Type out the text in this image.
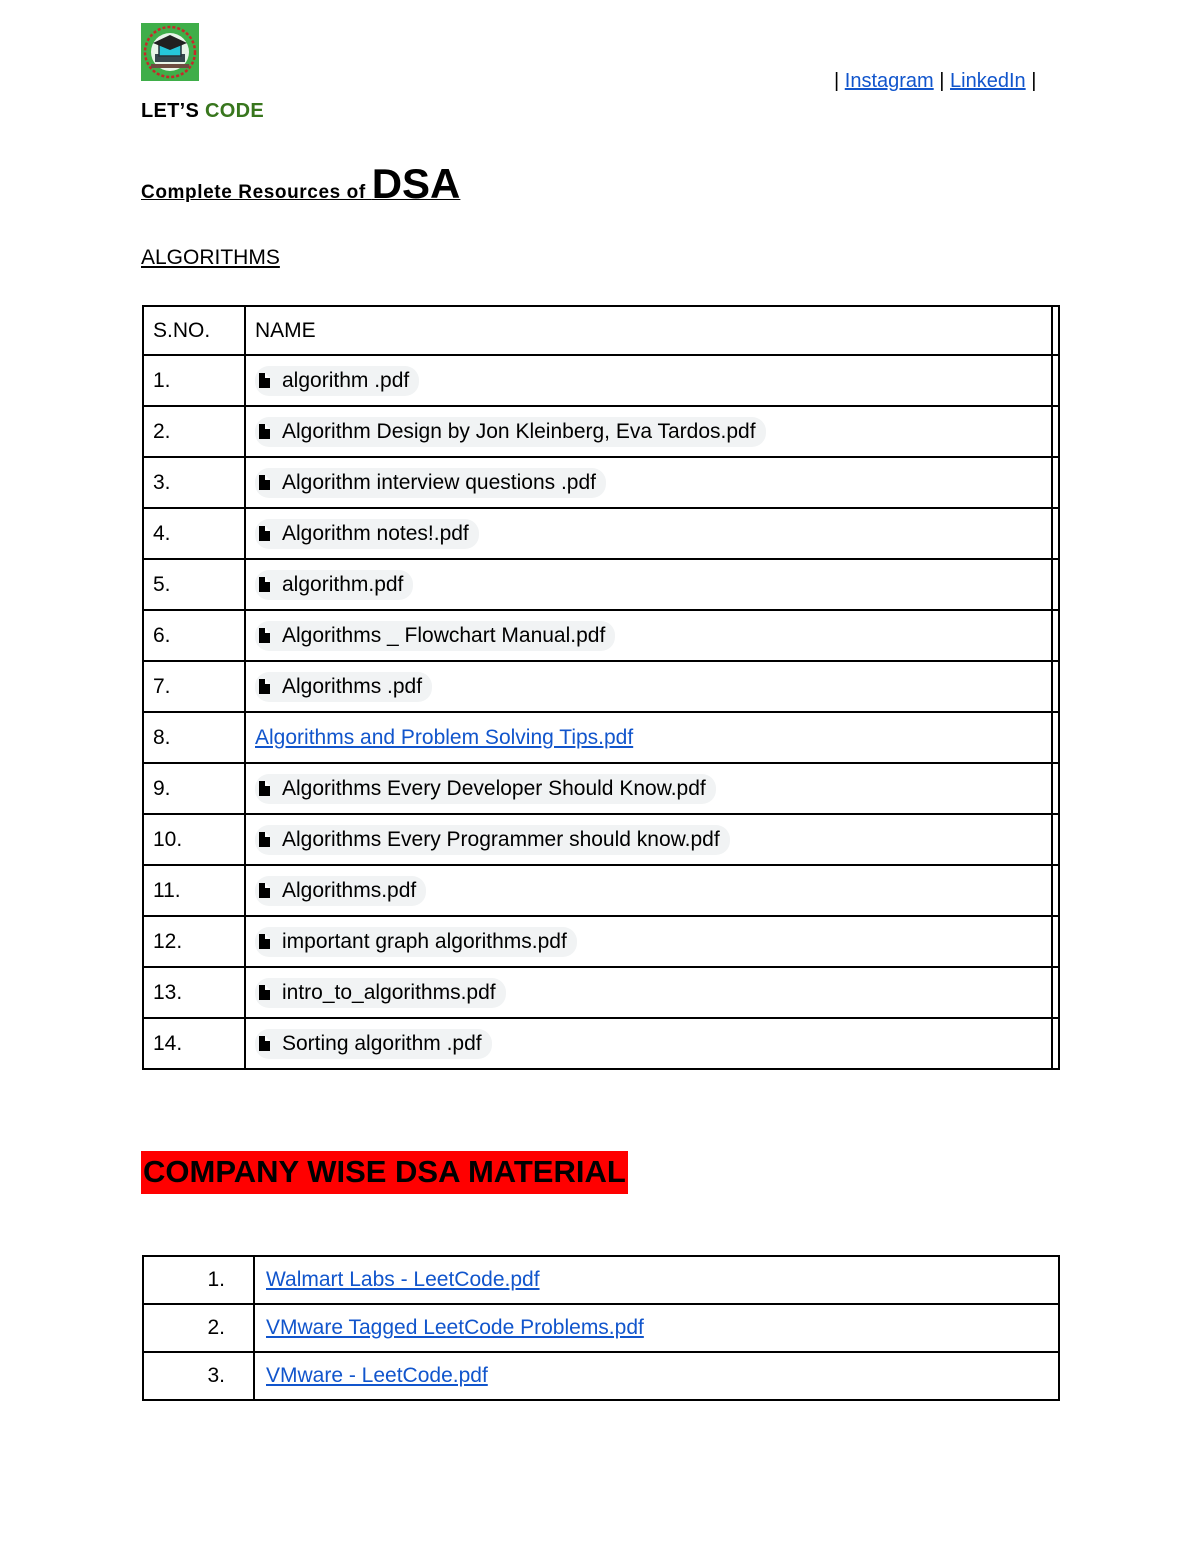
LET’S CODE
| Instagram | LinkedIn |
Complete Resources of DSA
ALGORITHMS
S.NO.	NAME	
1.	algorithm .pdf	
2.	Algorithm Design by Jon Kleinberg, Eva Tardos.pdf	
3.	Algorithm interview questions .pdf	
4.	Algorithm notes!.pdf	
5.	algorithm.pdf	
6.	Algorithms _ Flowchart Manual.pdf	
7.	Algorithms .pdf	
8.	Algorithms and Problem Solving Tips.pdf	
9.	Algorithms Every Developer Should Know.pdf	
10.	Algorithms Every Programmer should know.pdf	
11.	Algorithms.pdf	
12.	important graph algorithms.pdf	
13.	intro_to_algorithms.pdf	
14.	Sorting algorithm .pdf	
COMPANY WISE DSA MATERIAL
1.	Walmart Labs - LeetCode.pdf
2.	VMware Tagged LeetCode Problems.pdf
3.	VMware - LeetCode.pdf
